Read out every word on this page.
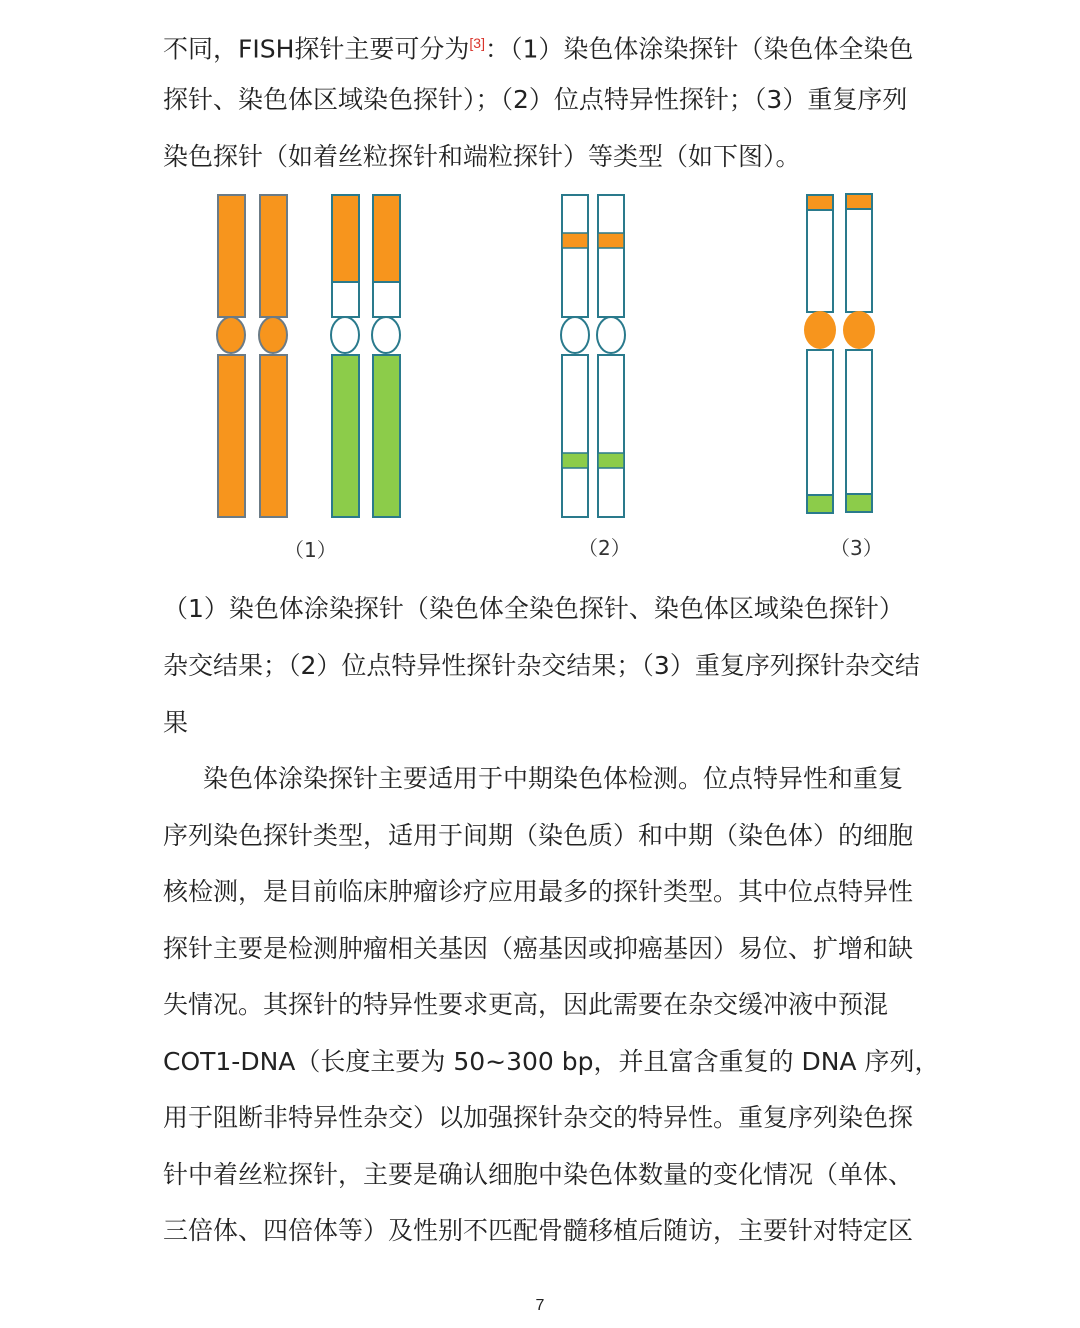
不同，FISH探针主要可分为[3]：（1）染色体涂染探针（染色体全染色
探针、染色体区域染色探针）；（2）位点特异性探针；（3）重复序列
染色探针（如着丝粒探针和端粒探针）等类型（如下图）。
（1）	（2）	（3）
（1）染色体涂染探针（染色体全染色探针、染色体区域染色探针）
杂交结果；（2）位点特异性探针杂交结果；（3）重复序列探针杂交结
果
染色体涂染探针主要适用于中期染色体检测。位点特异性和重复
序列染色探针类型，适用于间期（染色质）和中期（染色体）的细胞
核检测，是目前临床肿瘤诊疗应用最多的探针类型。其中位点特异性
探针主要是检测肿瘤相关基因（癌基因或抑癌基因）易位、扩增和缺
失情况。其探针的特异性要求更高，因此需要在杂交缓冲液中预混
COT1-DNA（长度主要为 50~300 bp，并且富含重复的 DNA 序列，
用于阻断非特异性杂交）以加强探针杂交的特异性。重复序列染色探
针中着丝粒探针，主要是确认细胞中染色体数量的变化情况（单体、
三倍体、四倍体等）及性别不匹配骨髓移植后随访，主要针对特定区
7
